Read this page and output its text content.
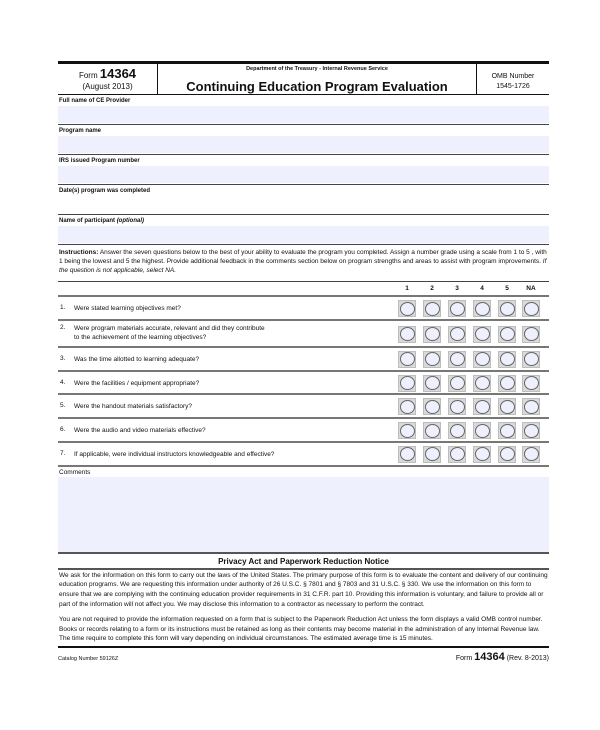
Form 14364
(August 2013)
Department of the Treasury - Internal Revenue Service
Continuing Education Program Evaluation
OMB Number
1545-1726
Full name of CE Provider
Program name
IRS issued Program number
Date(s) program was completed
Name of participant (optional)
Instructions: Answer the seven questions below to the best of your ability to evaluate the program you completed. Assign a number grade using a scale from 1 to 5 , with 1 being the lowest and 5 the highest. Provide additional feedback in the comments section below on program strengths and areas to assist with program improvements. If the question is not applicable, select NA.
1	2	3	4	5	NA
1. Were stated learning objectives met?
2. Were program materials accurate, relevant and did they contribute
to the achievement of the learning objectives?
3. Was the time allotted to learning adequate?
4. Were the facilities / equipment appropriate?
5. Were the handout materials satisfactory?
6. Were the audio and video materials effective?
7. If applicable, were individual instructors knowledgeable and effective?
Comments
Privacy Act and Paperwork Reduction Notice
We ask for the information on this form to carry out the laws of the United States. The primary purpose of this form is to evaluate the content and delivery of our continuing education programs. We are requesting this information under authority of 26 U.S.C. § 7801 and § 7803 and 31 U.S.C. § 330. We use the information on this form to ensure that we are complying with the continuing education provider requirements in 31 C.F.R. part 10. Providing this information is voluntary, and failure to provide all or part of the information will not affect you. We may disclose this information to a contractor as necessary to perform the contract.
You are not required to provide the information requested on a form that is subject to the Paperwork Reduction Act unless the form displays a valid OMB control number. Books or records relating to a form or its instructions must be retained as long as their contents may become material in the administration of any Internal Revenue law. The time require to complete this form will vary depending on individual circumstances. The estimated average time is 15 minutes.
Catalog Number 59126Z	Form 14364 (Rev. 8-2013)
